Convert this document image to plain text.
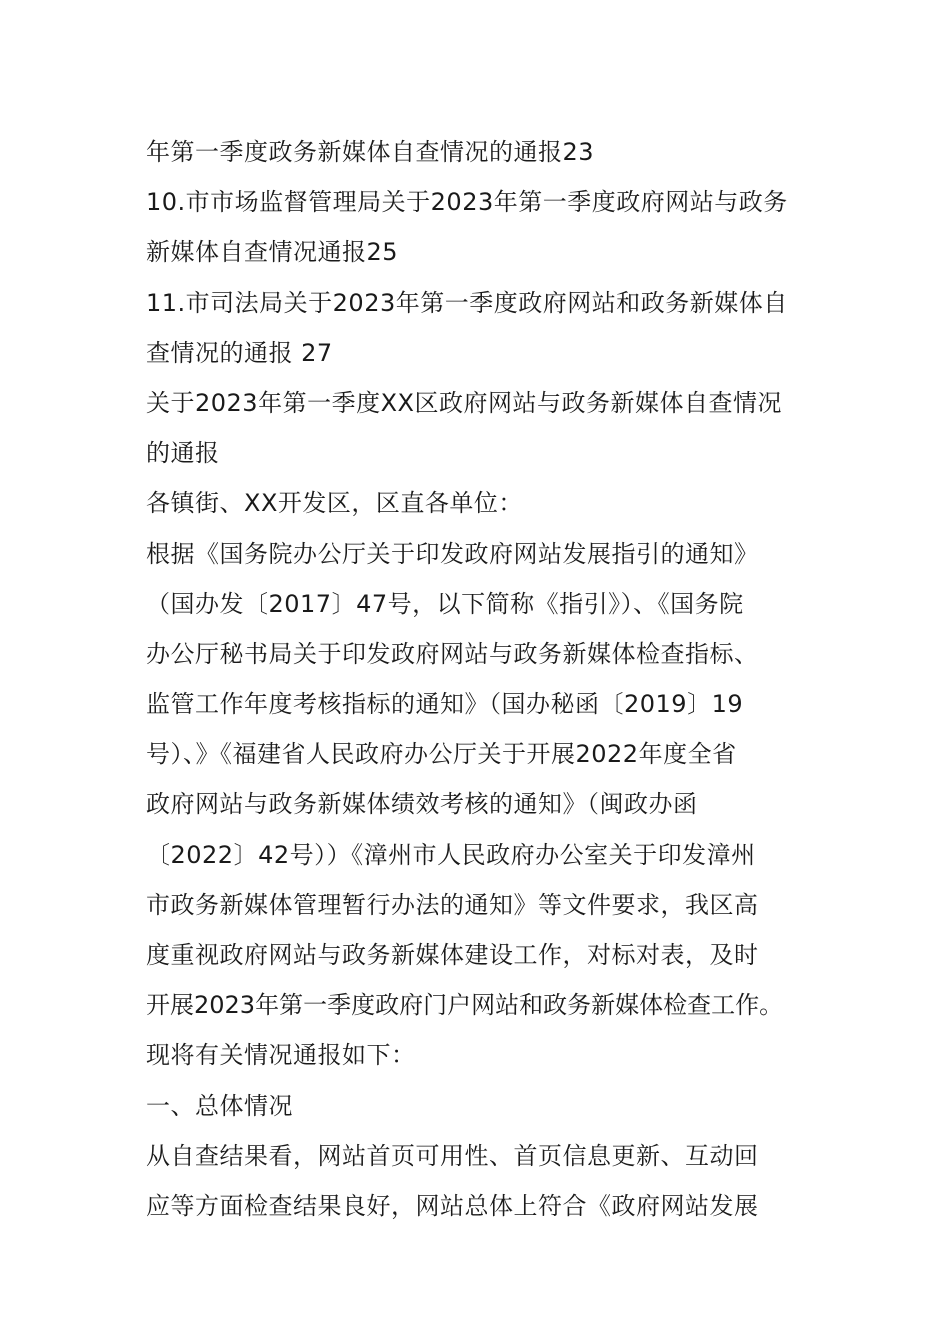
年第一季度政务新媒体自查情况的通报23
10.市市场监督管理局关于2023年第一季度政府网站与政务
新媒体自查情况通报25
11.市司法局关于2023年第一季度政府网站和政务新媒体自
查情况的通报 27
关于2023年第一季度XX区政府网站与政务新媒体自查情况
的通报
各镇街、XX开发区，区直各单位：
根据《国务院办公厅关于印发政府网站发展指引的通知》
（国办发〔2017〕47号，以下简称《指引》）、《国务院
办公厅秘书局关于印发政府网站与政务新媒体检查指标、
监管工作年度考核指标的通知》（国办秘函〔2019〕19
号）、》《福建省人民政府办公厅关于开展2022年度全省
政府网站与政务新媒体绩效考核的通知》（闽政办函
〔2022〕42号））《漳州市人民政府办公室关于印发漳州
市政务新媒体管理暂行办法的通知》等文件要求，我区高
度重视政府网站与政务新媒体建设工作，对标对表，及时
开展2023年第一季度政府门户网站和政务新媒体检查工作。
现将有关情况通报如下：
一、总体情况
从自查结果看，网站首页可用性、首页信息更新、互动回
应等方面检查结果良好，网站总体上符合《政府网站发展
